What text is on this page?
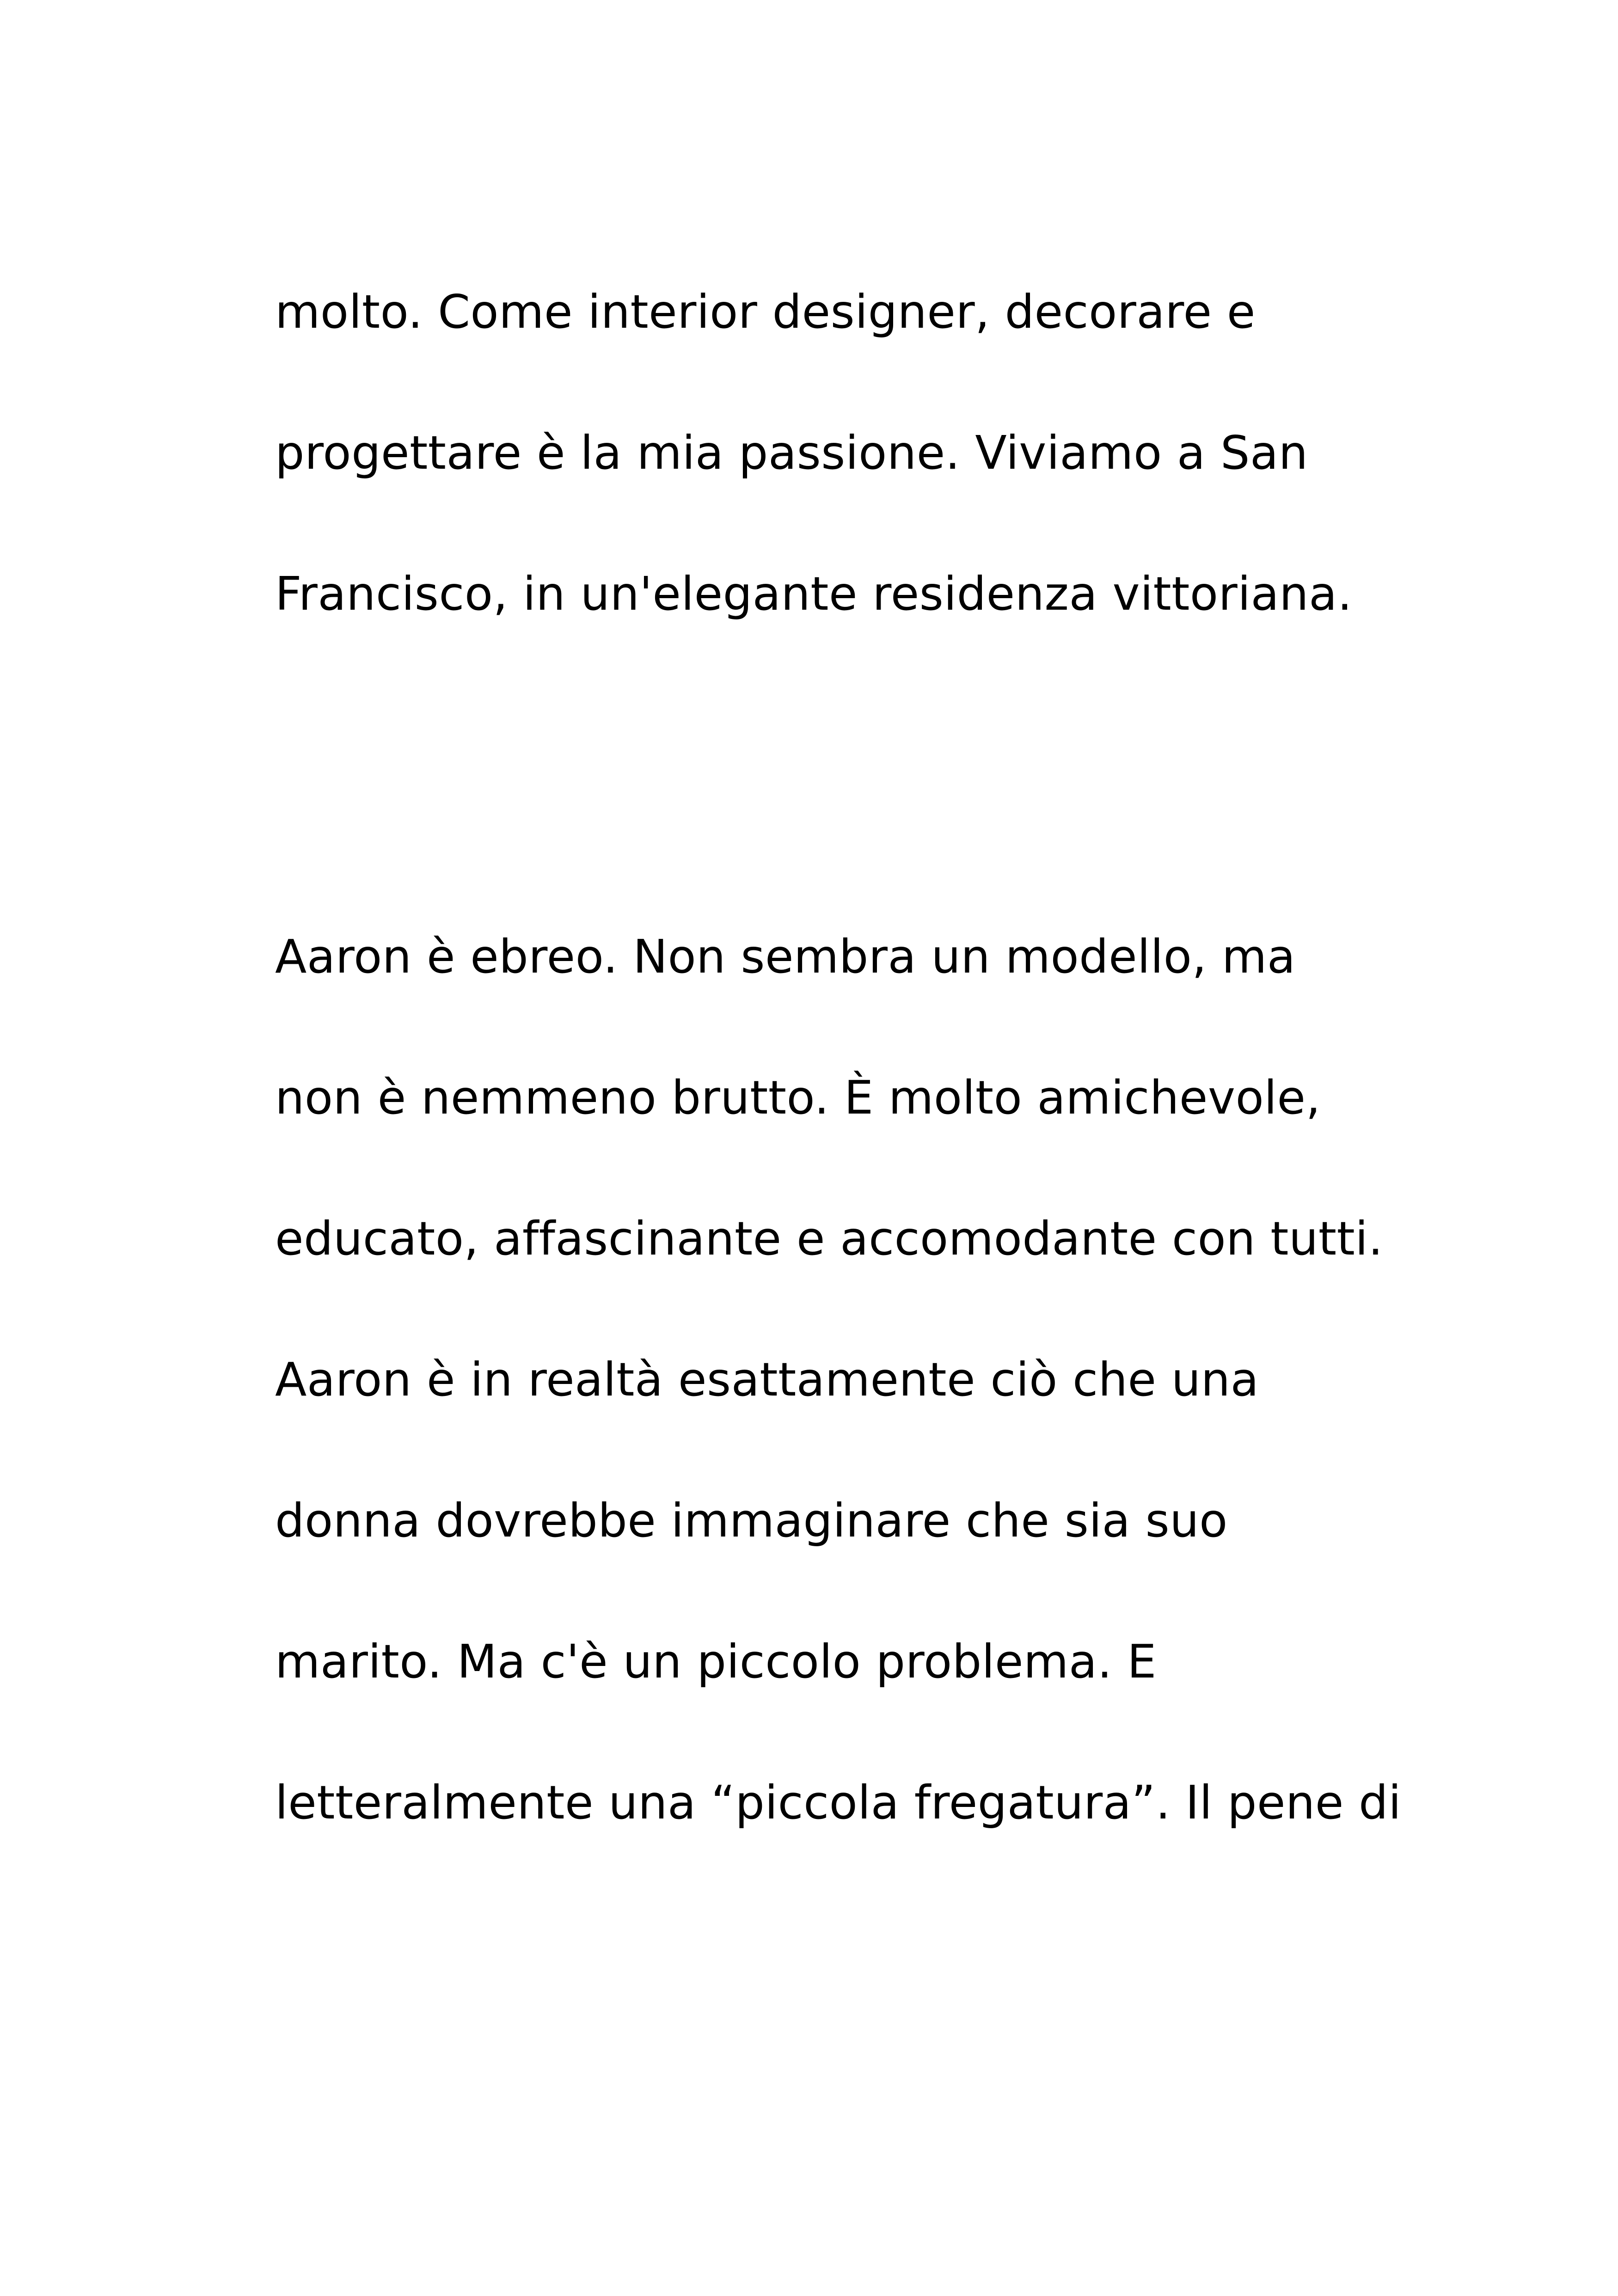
molto. Come interior designer, decorare e
progettare è la mia passione. Viviamo a San
Francisco, in un'elegante residenza vittoriana.
Aaron è ebreo. Non sembra un modello, ma
non è nemmeno brutto. È molto amichevole,
educato, affascinante e accomodante con tutti.
Aaron è in realtà esattamente ciò che una
donna dovrebbe immaginare che sia suo
marito. Ma c'è un piccolo problema. E
letteralmente una “piccola fregatura”. Il pene di
